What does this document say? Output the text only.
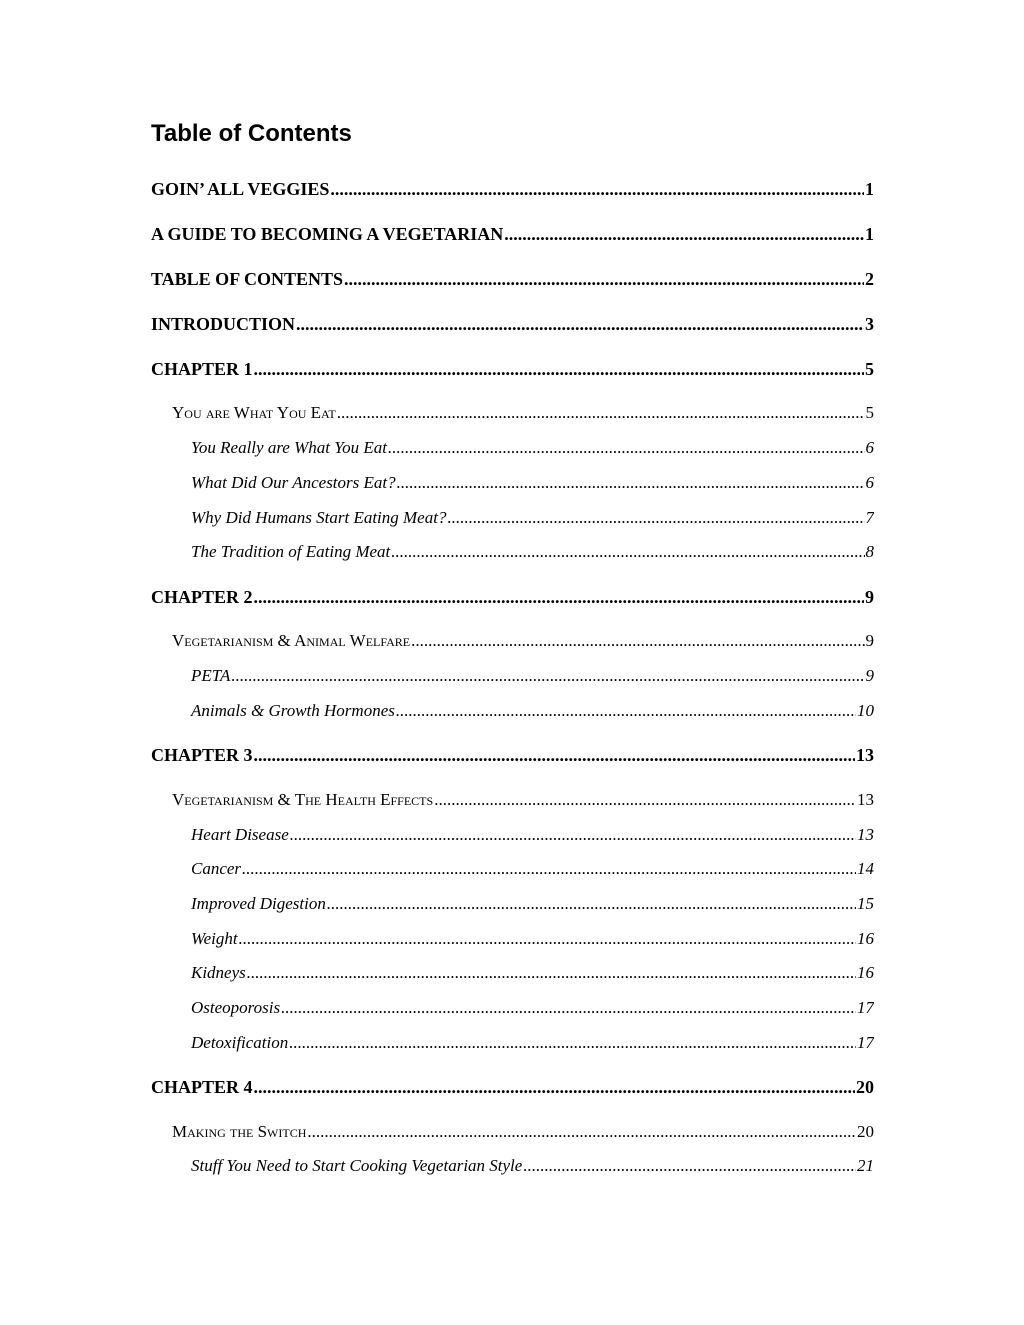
Table of Contents
GOIN’ ALL VEGGIES .....	1
A GUIDE TO BECOMING A VEGETARIAN .....	1
TABLE OF CONTENTS .....	2
INTRODUCTION .....	3
CHAPTER 1 .....	5
You are What You Eat .....	5
You Really are What You Eat .....	6
What Did Our Ancestors Eat? .....	6
Why Did Humans Start Eating Meat? .....	7
The Tradition of Eating Meat .....	8
CHAPTER 2 .....	9
Vegetarianism & Animal Welfare .....	9
PETA .....	9
Animals & Growth Hormones .....	10
CHAPTER 3 .....	13
Vegetarianism & The Health Effects .....	13
Heart Disease .....	13
Cancer .....	14
Improved Digestion .....	15
Weight .....	16
Kidneys .....	16
Osteoporosis .....	17
Detoxification .....	17
CHAPTER 4 .....	20
Making the Switch .....	20
Stuff You Need to Start Cooking Vegetarian Style .....	21
